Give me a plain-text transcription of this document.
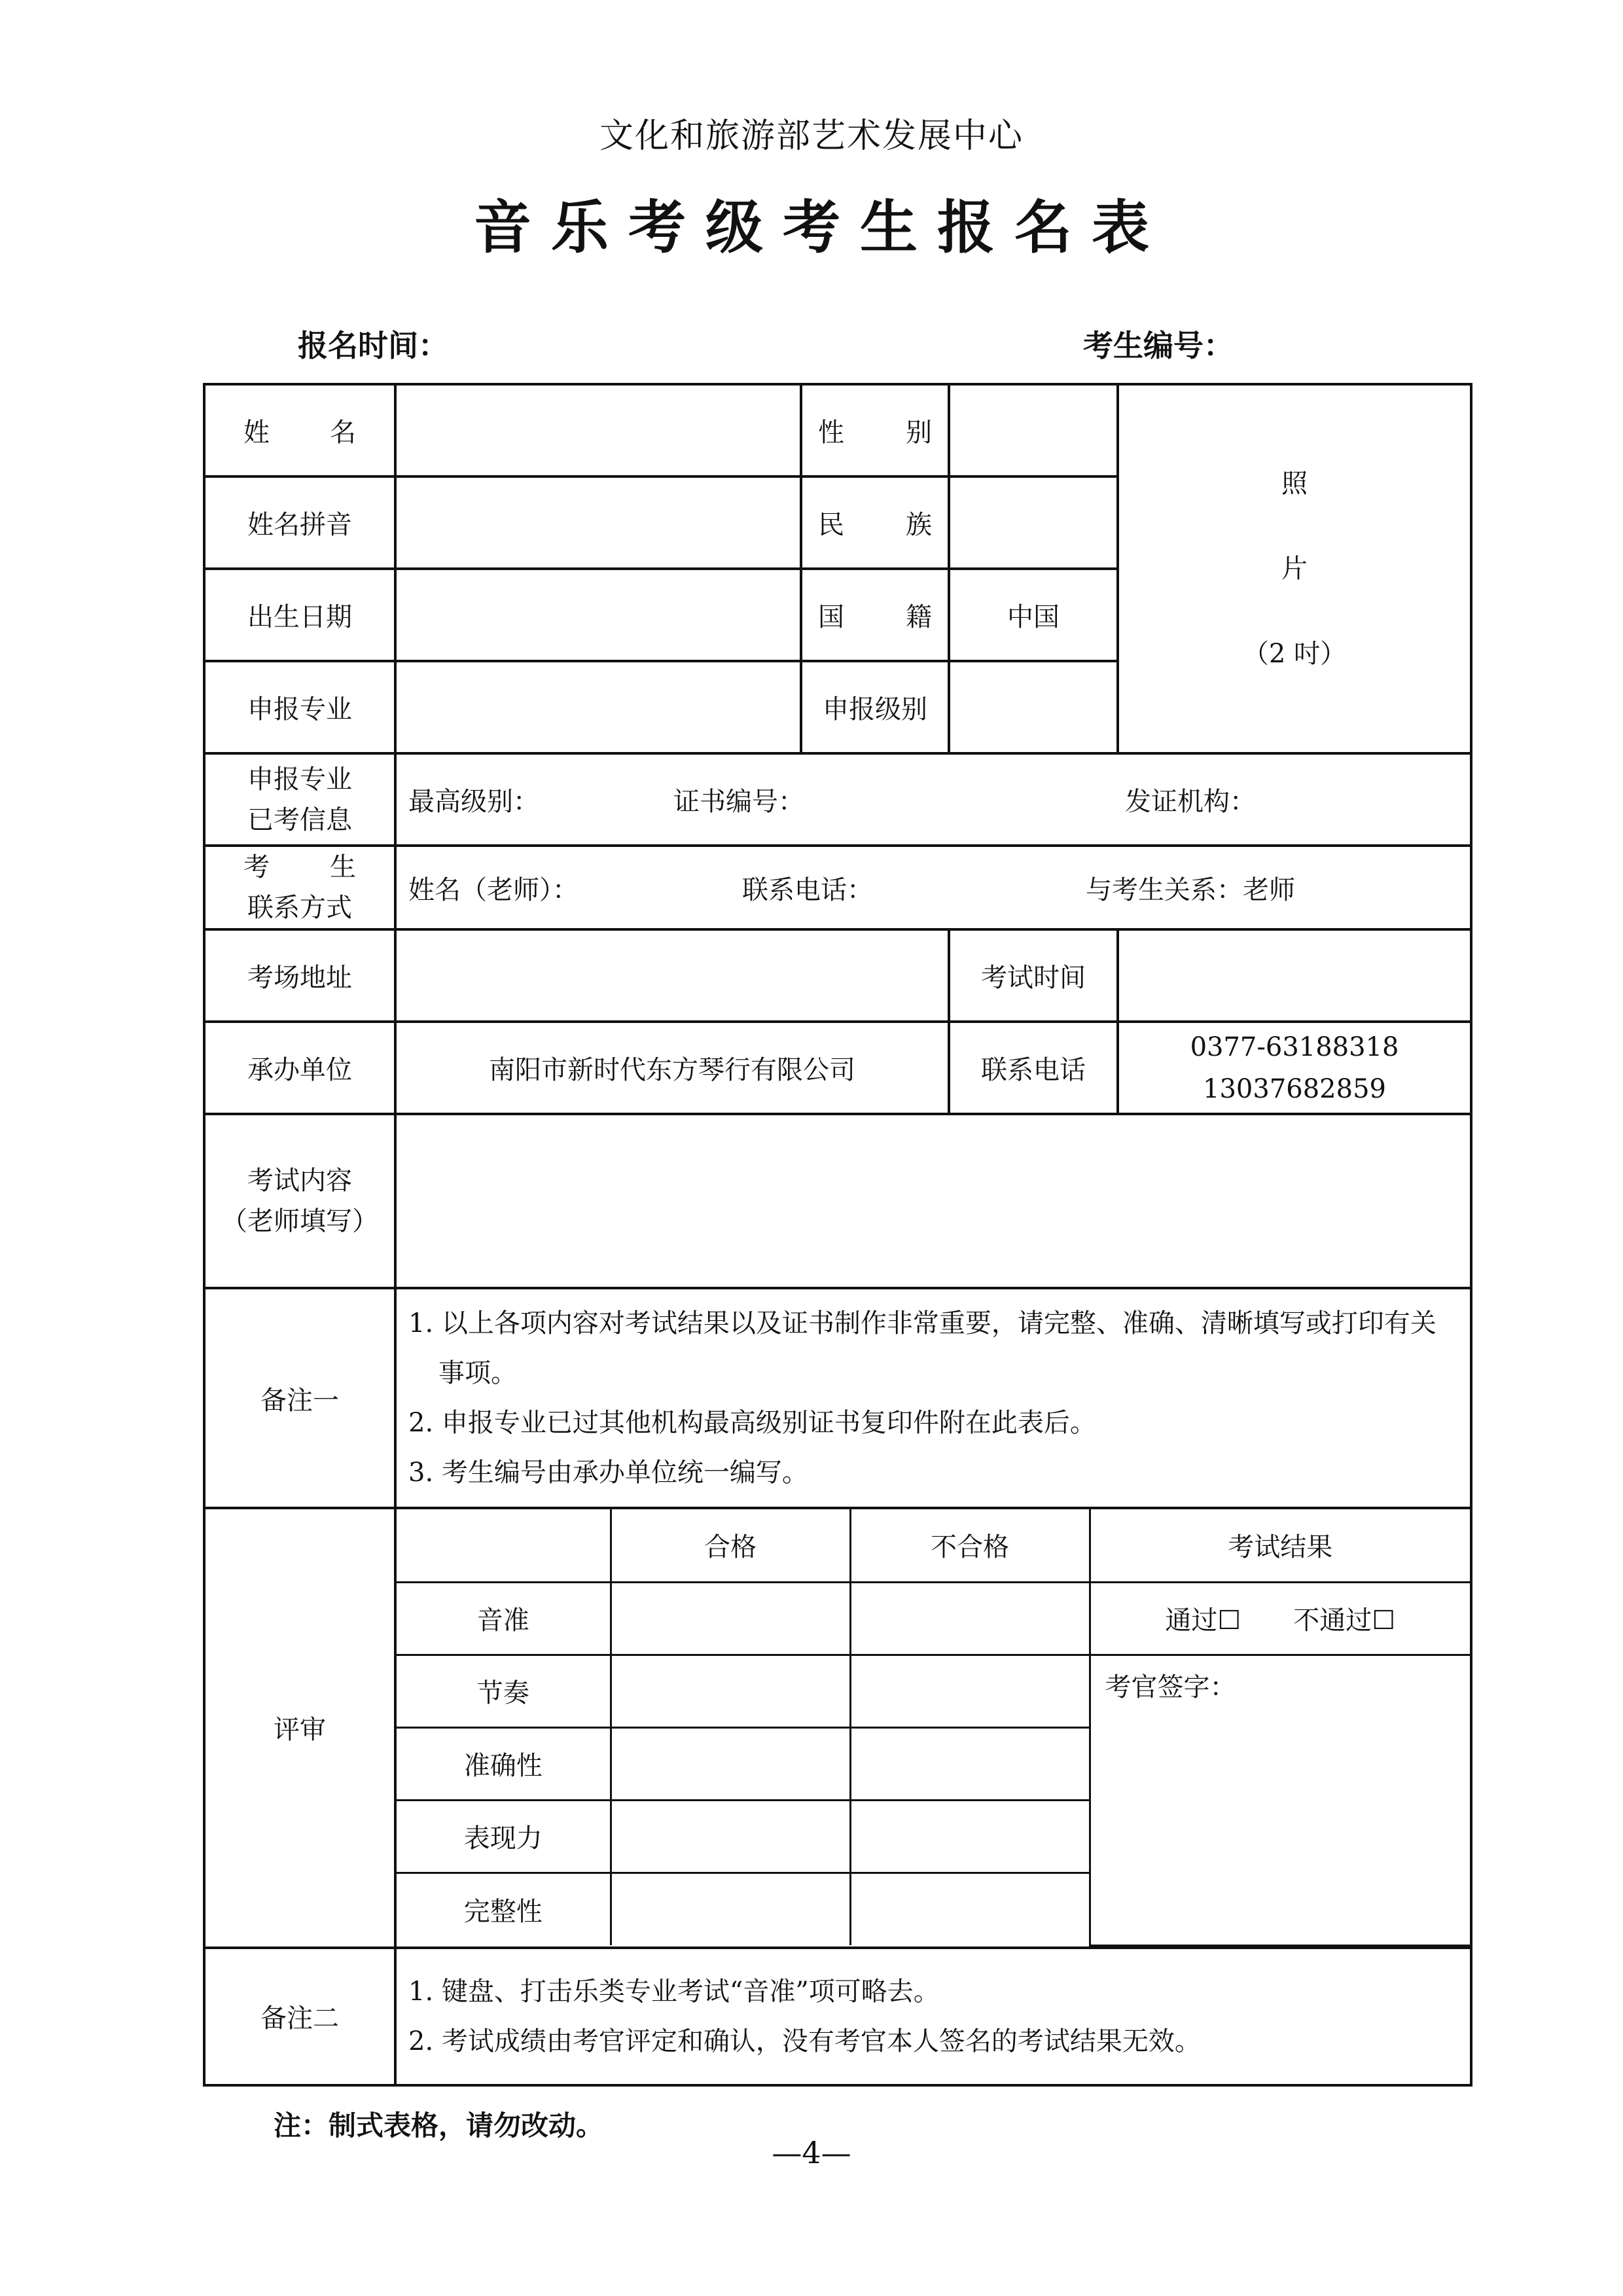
文化和旅游部艺术发展中心
音乐考级考生报名表
报名时间：	考生编号：
姓 名		性 别

照
片
（2 吋）

姓名拼音		民 族

出生日期		国 籍	中国
申报专业		申报级别	

申报专业
已考信息

最高级别：	证书编号：	发证机构：

考 生
联系方式

姓名（老师）：	联系电话：	与考生关系：老师

考场地址		考试时间	
承办单位	南阳市新时代东方琴行有限公司	联系电话	
0377-63188318
13037682859

考试内容
（老师填写）

备注一	
1. 以上各项内容对考试结果以及证书制作非常重要，请完整、准确、清晰填写或打印有关事项。
2. 申报专业已过其他机构最高级别证书复印件附在此表后。
3. 考生编号由承办单位统一编写。

评审	
	合格	不合格	考试结果
音准			通过☐　　不通过☐
节奏			考官签字：
准确性		
表现力		
完整性		

备注二	
1. 键盘、打击乐类专业考试“音准”项可略去。
2. 考试成绩由考官评定和确认，没有考官本人签名的考试结果无效。
注：制式表格，请勿改动。
—4—
